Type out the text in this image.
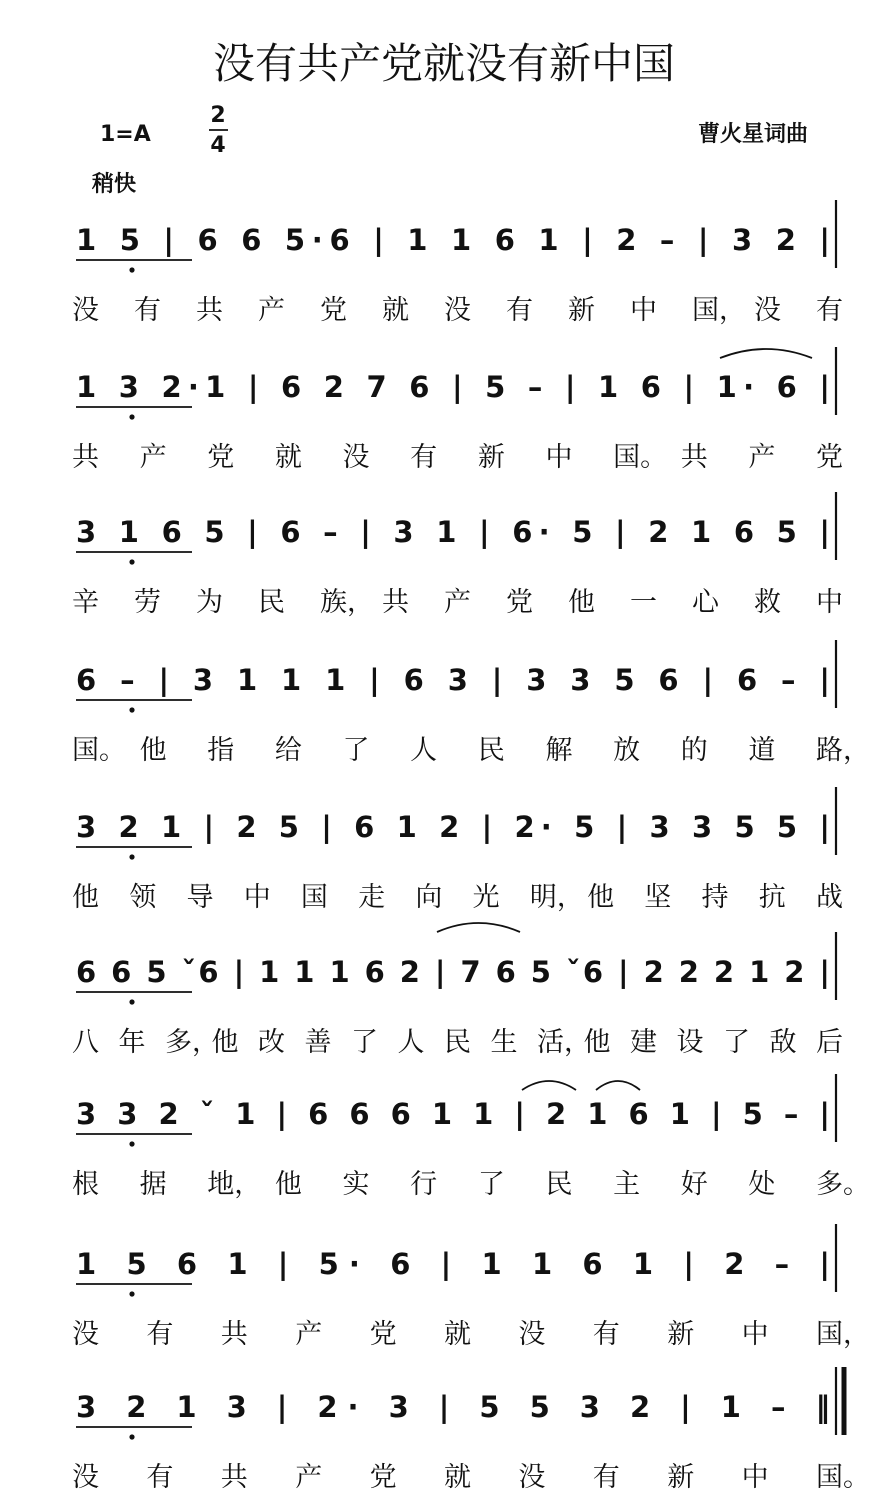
没有共产党就没有新中国
1=A
2
4	曹火星词曲
稍快
1 5 | 6 6 5·6 | 1 1 6 1 | 2 – | 3 2 |
没 有 共 产 党 就 没 有 新 中 国， 没 有
1 3 2·1 | 6 2 7 6 | 5 – | 1 6 | 1· 6 |
共 产 党 就 没 有 新 中 国。 共 产 党
3 1 6 5 | 6 – | 3 1 | 6· 5 | 2 1 6 5 |
辛 劳 为 民 族， 共 产 党 他 一 心 救 中
6 – | 3 1 1 1 | 6 3 | 3 3 5 6 | 6 – |
国。 他 指 给 了 人 民 解 放 的 道 路，
3 2 1 | 2 5 | 6 1 2 | 2· 5 | 3 3 5 5 |
他 领 导 中 国 走 向 光 明， 他 坚 持 抗 战
6 6 5 ˇ6 | 1 1 1 6 2 | 7 6 5 ˇ6 | 2 2 2 1 2 |
八 年 多，
他 改 善 了 人 民 生 活，
他 建 设 了 敌 后
3 3 2 ˇ 1 | 6 6 6 1 1 | 2 1 6 1 | 5 – |
根 据 地， 他 实 行 了 民 主 好 处 多。
1 5 6 1 | 5· 6 | 1 1 6 1 | 2 – |
没 有 共 产 党 就 没 有 新 中 国，
3 2 1 3 | 2· 3 | 5 5 3 2 | 1 – ‖
没 有 共 产 党 就 没 有 新 中 国。
